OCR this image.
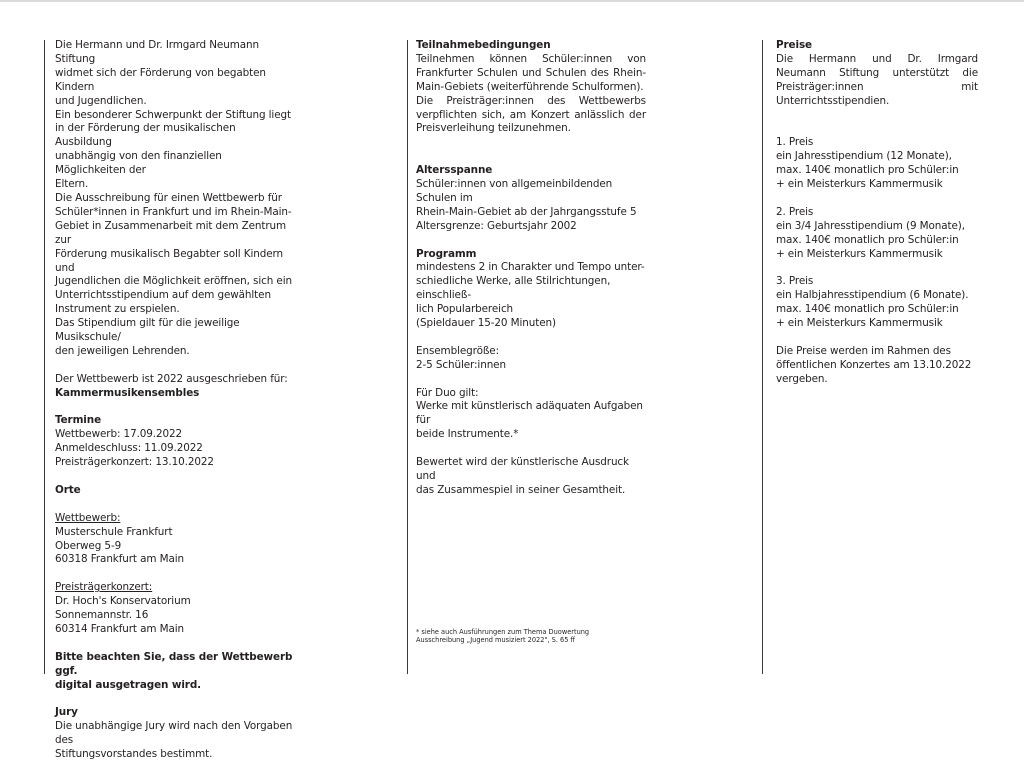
Die Hermann und Dr. Irmgard Neumann Stiftung

widmet sich der Förderung von begabten Kindern

und Jugendlichen.

Ein besonderer Schwerpunkt der Stiftung liegt

in der Förderung der musikalischen Ausbildung

unabhängig von den finanziellen Möglichkeiten der

Eltern.

Die Ausschreibung für einen Wettbewerb für

Schüler*innen in Frankfurt und im Rhein-Main-

Gebiet in Zusammenarbeit mit dem Zentrum zur

Förderung musikalisch Begabter soll Kindern und

Jugendlichen die Möglichkeit eröffnen, sich ein

Unterrichtsstipendium auf dem gewählten

Instrument zu erspielen.

Das Stipendium gilt für die jeweilige Musikschule/

den jeweiligen Lehrenden.

Der Wettbewerb ist 2022 ausgeschrieben für:

Kammermusikensembles

Termine

Wettbewerb: 17.09.2022

Anmeldeschluss: 11.09.2022

Preisträgerkonzert: 13.10.2022

Orte

Wettbewerb:

Musterschule Frankfurt

Oberweg 5-9

60318 Frankfurt am Main

Preisträgerkonzert:

Dr. Hoch's Konservatorium

Sonnemannstr. 16

60314 Frankfurt am Main

Bitte beachten Sie, dass der Wettbewerb ggf.

digital ausgetragen wird.

Jury

Die unabhängige Jury wird nach den Vorgaben des

Stiftungsvorstandes bestimmt.

Teilnahmebedingungen

Teilnehmen können Schüler:innen von Frankfurter Schulen und Schulen des Rhein-Main-Gebiets (weiterführende Schulformen).

Die Preisträger:innen des Wettbewerbs verpflichten sich, am Konzert anlässlich der Preisverleihung teilzunehmen.

Altersspanne

Schüler:innen von allgemeinbildenden Schulen im

Rhein-Main-Gebiet ab der Jahrgangsstufe 5

Altersgrenze: Geburtsjahr 2002

Programm

mindestens 2 in Charakter und Tempo unter-

schiedliche Werke, alle Stilrichtungen, einschließ-

lich Popularbereich

(Spieldauer 15-20 Minuten)

Ensemblegröße:

2-5 Schüler:innen

Für Duo gilt:

Werke mit künstlerisch adäquaten Aufgaben für

beide Instrumente.*

Bewertet wird der künstlerische Ausdruck und

das Zusammespiel in seiner Gesamtheit.

* siehe auch Ausführungen zum Thema Duowertung

Ausschreibung „Jugend musiziert 2022", S. 65 ff

Preise

Die Hermann und Dr. Irmgard Neumann Stiftung unterstützt die Preisträger:innen mit Unterrichtsstipendien.

1. Preis

ein Jahresstipendium (12 Monate),

max. 140€ monatlich pro Schüler:in

+ ein Meisterkurs Kammermusik

2. Preis

ein 3/4 Jahresstipendium (9 Monate),

max. 140€ monatlich pro Schüler:in

+ ein Meisterkurs Kammermusik

3. Preis

ein Halbjahresstipendium (6 Monate).

max. 140€ monatlich pro Schüler:in

+ ein Meisterkurs Kammermusik

Die Preise werden im Rahmen des

öffentlichen Konzertes am 13.10.2022

vergeben.
